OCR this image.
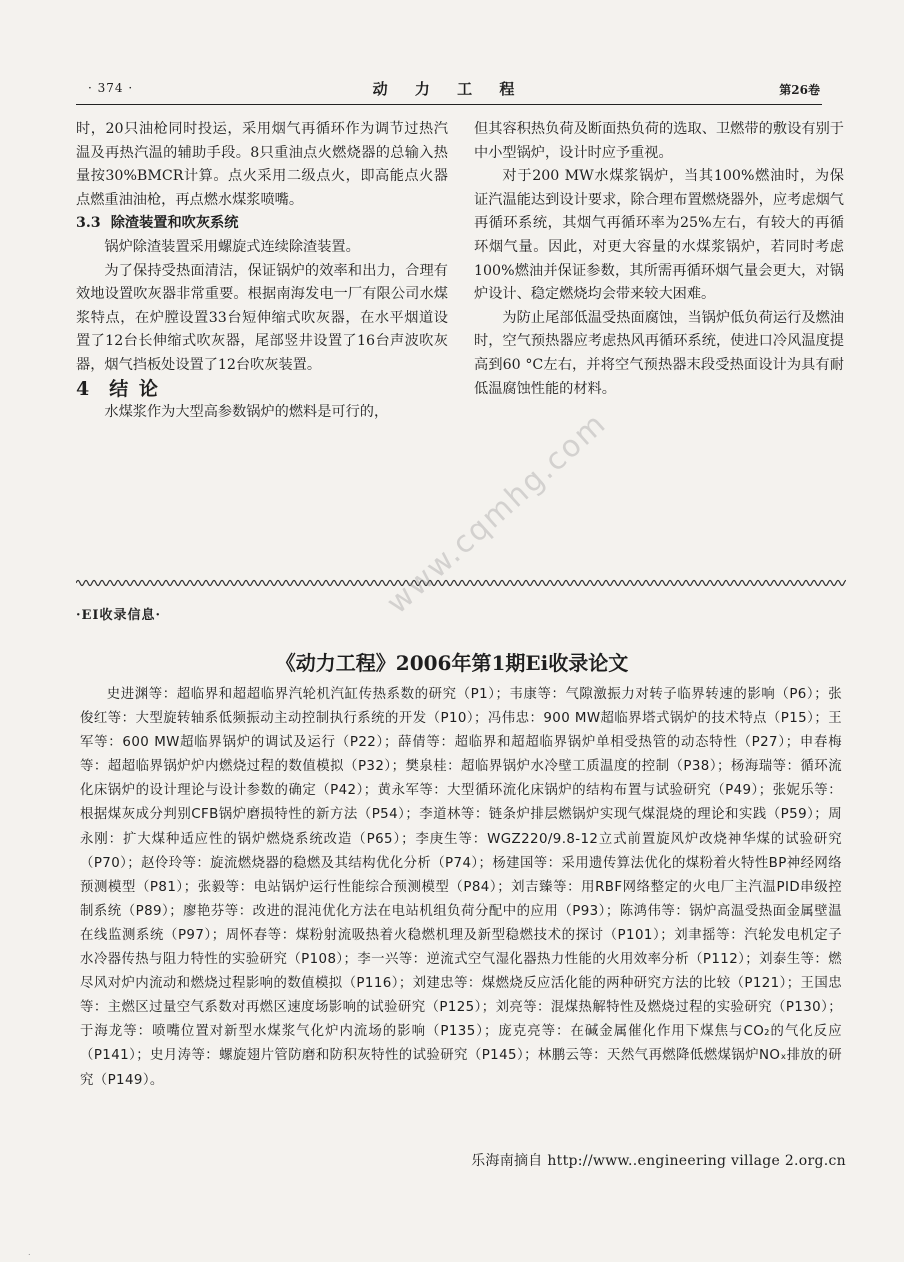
· 374 ·	动 力 工 程	第26卷

时，20只油枪同时投运，采用烟气再循环作为调节过热汽温及再热汽温的辅助手段。8只重油点火燃烧器的总输入热量按30%BMCR计算。点火采用二级点火，即高能点火器点燃重油油枪，再点燃水煤浆喷嘴。

3.3 除渣装置和吹灰系统

锅炉除渣装置采用螺旋式连续除渣装置。

为了保持受热面清洁，保证锅炉的效率和出力，合理有效地设置吹灰器非常重要。根据南海发电一厂有限公司水煤浆特点，在炉膛设置33台短伸缩式吹灰器，在水平烟道设置了12台长伸缩式吹灰器，尾部竖井设置了16台声波吹灰器，烟气挡板处设置了12台吹灰装置。

4 结 论

水煤浆作为大型高参数锅炉的燃料是可行的，

但其容积热负荷及断面热负荷的选取、卫燃带的敷设有别于中小型锅炉，设计时应予重视。

对于200 MW水煤浆锅炉，当其100%燃油时，为保证汽温能达到设计要求，除合理布置燃烧器外，应考虑烟气再循环系统，其烟气再循环率为25%左右，有较大的再循环烟气量。因此，对更大容量的水煤浆锅炉，若同时考虑100%燃油并保证参数，其所需再循环烟气量会更大，对锅炉设计、稳定燃烧均会带来较大困难。

为防止尾部低温受热面腐蚀，当锅炉低负荷运行及燃油时，空气预热器应考虑热风再循环系统，使进口冷风温度提高到60 °C左右，并将空气预热器末段受热面设计为具有耐低温腐蚀性能的材料。

www.cqmhg.com
·EI收录信息·
《动力工程》2006年第1期Ei收录论文

史进渊等：超临界和超超临界汽轮机汽缸传热系数的研究（P1）；韦康等：气隙激振力对转子临界转速的影响（P6）；张俊红等：大型旋转轴系低频振动主动控制执行系统的开发（P10）；冯伟忠：900 MW超临界塔式锅炉的技术特点（P15）；王军等：600 MW超临界锅炉的调试及运行（P22）；薛倩等：超临界和超超临界锅炉单相受热管的动态特性（P27）；申春梅等：超超临界锅炉炉内燃烧过程的数值模拟（P32）；樊泉桂：超临界锅炉水冷壁工质温度的控制（P38）；杨海瑞等：循环流化床锅炉的设计理论与设计参数的确定（P42）；黄永军等：大型循环流化床锅炉的结构布置与试验研究（P49）；张妮乐等：根据煤灰成分判别CFB锅炉磨损特性的新方法（P54）；李道林等：链条炉排层燃锅炉实现气煤混烧的理论和实践（P59）；周永刚：扩大煤种适应性的锅炉燃烧系统改造（P65）；李庚生等：WGZ220/9.8-12立式前置旋风炉改烧神华煤的试验研究（P70）；赵伶玲等：旋流燃烧器的稳燃及其结构优化分析（P74）；杨建国等：采用遗传算法优化的煤粉着火特性BP神经网络预测模型（P81）；张毅等：电站锅炉运行性能综合预测模型（P84）；刘吉臻等：用RBF网络整定的火电厂主汽温PID串级控制系统（P89）；廖艳芬等：改进的混沌优化方法在电站机组负荷分配中的应用（P93）；陈鸿伟等：锅炉高温受热面金属壁温在线监测系统（P97）；周怀春等：煤粉射流吸热着火稳燃机理及新型稳燃技术的探讨（P101）；刘聿摇等：汽轮发电机定子水冷器传热与阻力特性的实验研究（P108）；李一兴等：逆流式空气湿化器热力性能的火用效率分析（P112）；刘泰生等：燃尽风对炉内流动和燃烧过程影响的数值模拟（P116）；刘建忠等：煤燃烧反应活化能的两种研究方法的比较（P121）；王国忠等：主燃区过量空气系数对再燃区速度场影响的试验研究（P125）；刘亮等：混煤热解特性及燃烧过程的实验研究（P130）；于海龙等：喷嘴位置对新型水煤浆气化炉内流场的影响（P135）；庞克亮等：在碱金属催化作用下煤焦与CO₂的气化反应（P141）；史月涛等：螺旋翅片管防磨和防积灰特性的试验研究（P145）；林鹏云等：天然气再燃降低燃煤锅炉NOₓ排放的研究（P149）。

乐海南摘自 http://www..engineering village 2.org.cn
.
